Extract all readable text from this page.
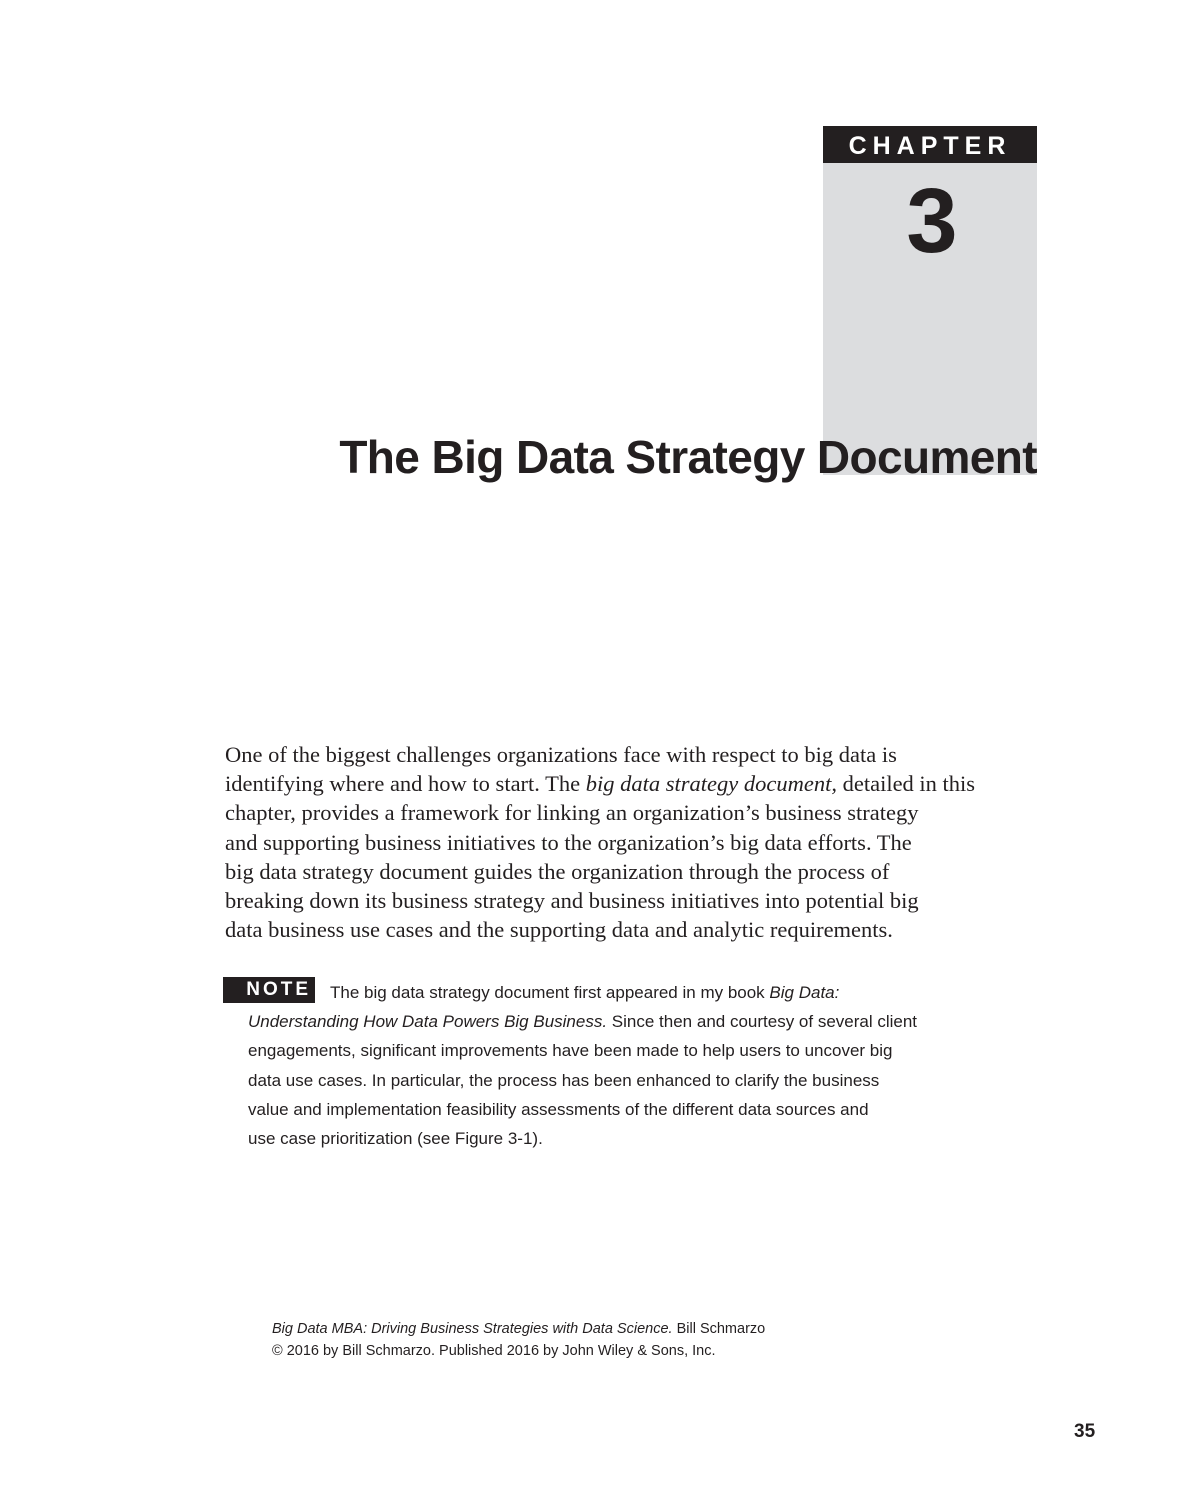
CHAPTER
3
The Big Data Strategy Document

One of the biggest challenges organizations face with respect to big data is
identifying where and how to start. The big data strategy document, detailed in this
chapter, provides a framework for linking an organization’s business strategy
and supporting business initiatives to the organization’s big data efforts. The
big data strategy document guides the organization through the process of
breaking down its business strategy and business initiatives into potential big
data business use cases and the supporting data and analytic requirements.

NOTE	The big data strategy document first appeared in my book Big Data:
Understanding How Data Powers Big Business. Since then and courtesy of several client
engagements, significant improvements have been made to help users to uncover big
data use cases. In particular, the process has been enhanced to clarify the business
value and implementation feasibility assessments of the different data sources and
use case prioritization (see Figure 3-1).

Big Data MBA: Driving Business Strategies with Data Science. Bill Schmarzo
© 2016 by Bill Schmarzo. Published 2016 by John Wiley & Sons, Inc.
35
